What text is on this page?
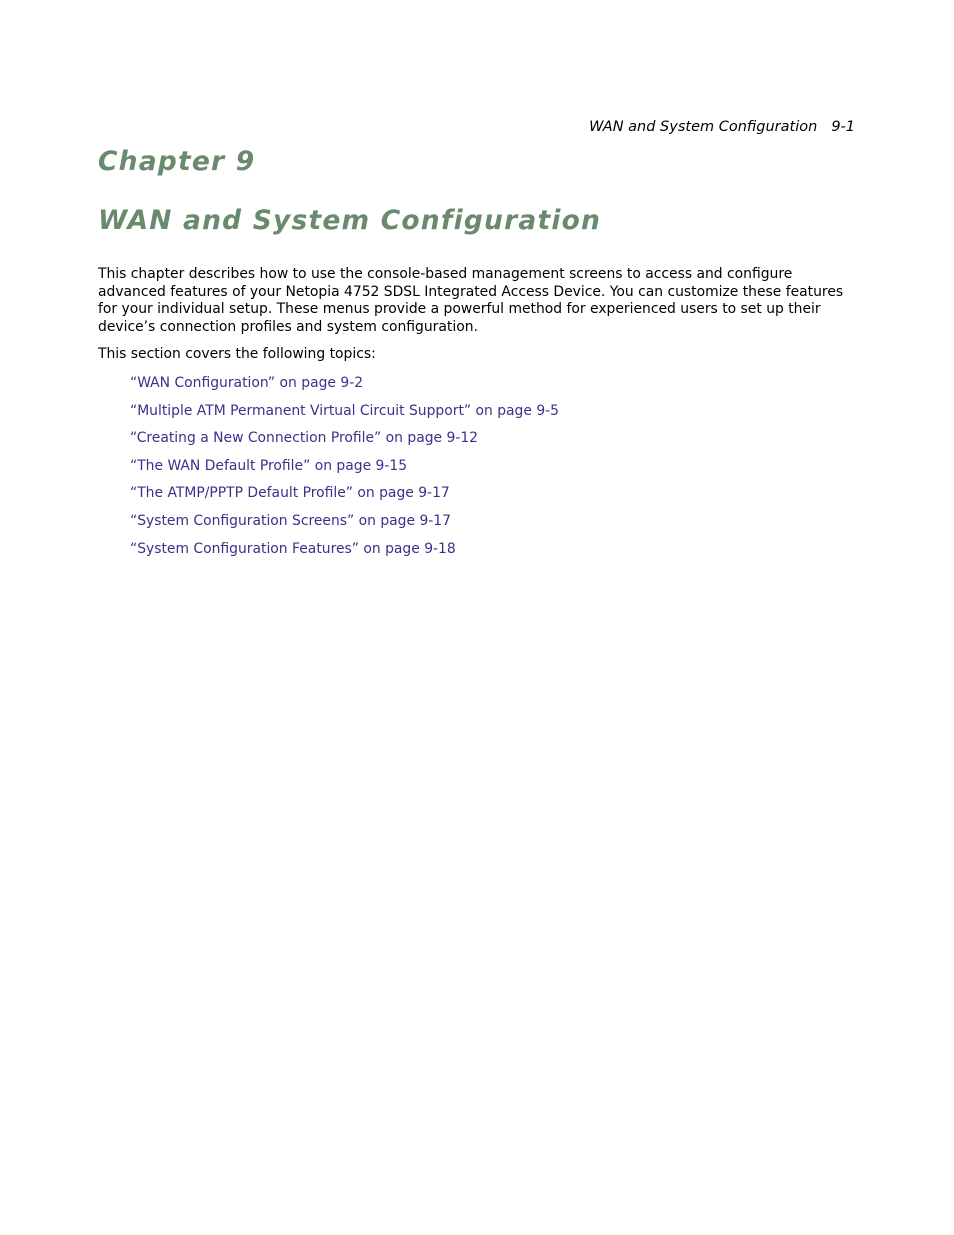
WAN and System Configuration 9-1
Chapter 9
WAN and System Configuration

This chapter describes how to use the console-based management screens to access and configure advanced features of your Netopia 4752 SDSL Integrated Access Device. You can customize these features for your individual setup. These menus provide a powerful method for experienced users to set up their device’s connection profiles and system configuration.

This section covers the following topics:

“WAN Configuration” on page 9-2
“Multiple ATM Permanent Virtual Circuit Support” on page 9-5
“Creating a New Connection Profile” on page 9-12
“The WAN Default Profile” on page 9-15
“The ATMP/PPTP Default Profile” on page 9-17
“System Configuration Screens” on page 9-17
“System Configuration Features” on page 9-18
